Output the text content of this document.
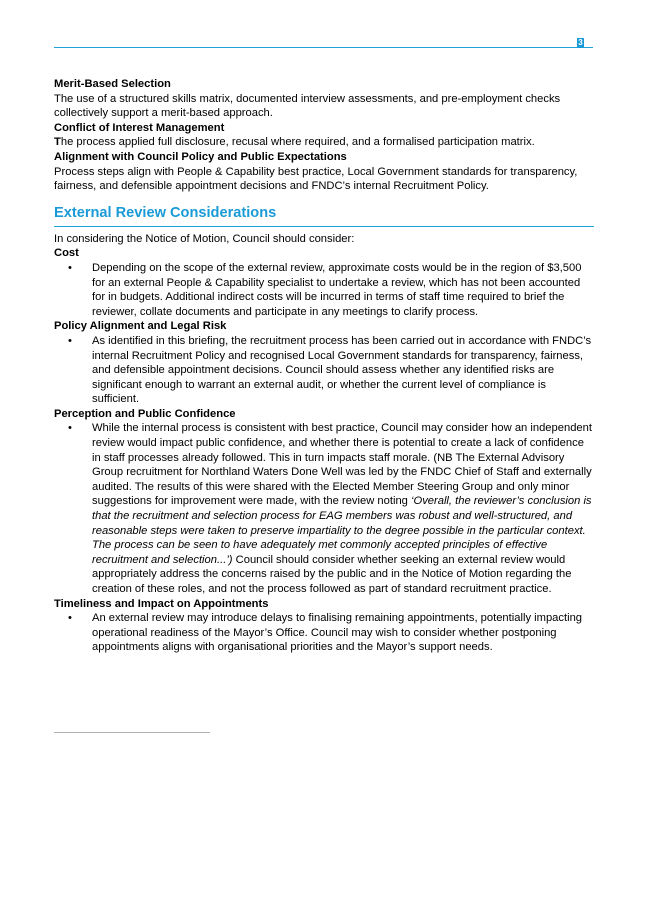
3

Merit-Based Selection

The use of a structured skills matrix, documented interview assessments, and pre-employment checks collectively support a merit-based approach.

Conflict of Interest Management

The process applied full disclosure, recusal where required, and a formalised participation matrix.

Alignment with Council Policy and Public Expectations

Process steps align with People & Capability best practice, Local Government standards for transparency, fairness, and defensible appointment decisions and FNDC’s internal Recruitment Policy.

External Review Considerations

In considering the Notice of Motion, Council should consider:

Cost

• Depending on the scope of the external review, approximate costs would be in the region of $3,500 for an external People & Capability specialist to undertake a review, which has not been accounted for in budgets. Additional indirect costs will be incurred in terms of staff time required to brief the reviewer, collate documents and participate in any meetings to clarify process.

Policy Alignment and Legal Risk

• As identified in this briefing, the recruitment process has been carried out in accordance with FNDC’s internal Recruitment Policy and recognised Local Government standards for transparency, fairness, and defensible appointment decisions. Council should assess whether any identified risks are significant enough to warrant an external audit, or whether the current level of compliance is sufficient.

Perception and Public Confidence

• While the internal process is consistent with best practice, Council may consider how an independent review would impact public confidence, and whether there is potential to create a lack of confidence in staff processes already followed. This in turn impacts staff morale. (NB The External Advisory Group recruitment for Northland Waters Done Well was led by the FNDC Chief of Staff and externally audited. The results of this were shared with the Elected Member Steering Group and only minor suggestions for improvement were made, with the review noting ‘Overall, the reviewer’s conclusion is that the recruitment and selection process for EAG members was robust and well-structured, and reasonable steps were taken to preserve impartiality to the degree possible in the particular context. The process can be seen to have adequately met commonly accepted principles of effective recruitment and selection...’) Council should consider whether seeking an external review would appropriately address the concerns raised by the public and in the Notice of Motion regarding the creation of these roles, and not the process followed as part of standard recruitment practice.

Timeliness and Impact on Appointments

• An external review may introduce delays to finalising remaining appointments, potentially impacting operational readiness of the Mayor’s Office. Council may wish to consider whether postponing appointments aligns with organisational priorities and the Mayor’s support needs.
